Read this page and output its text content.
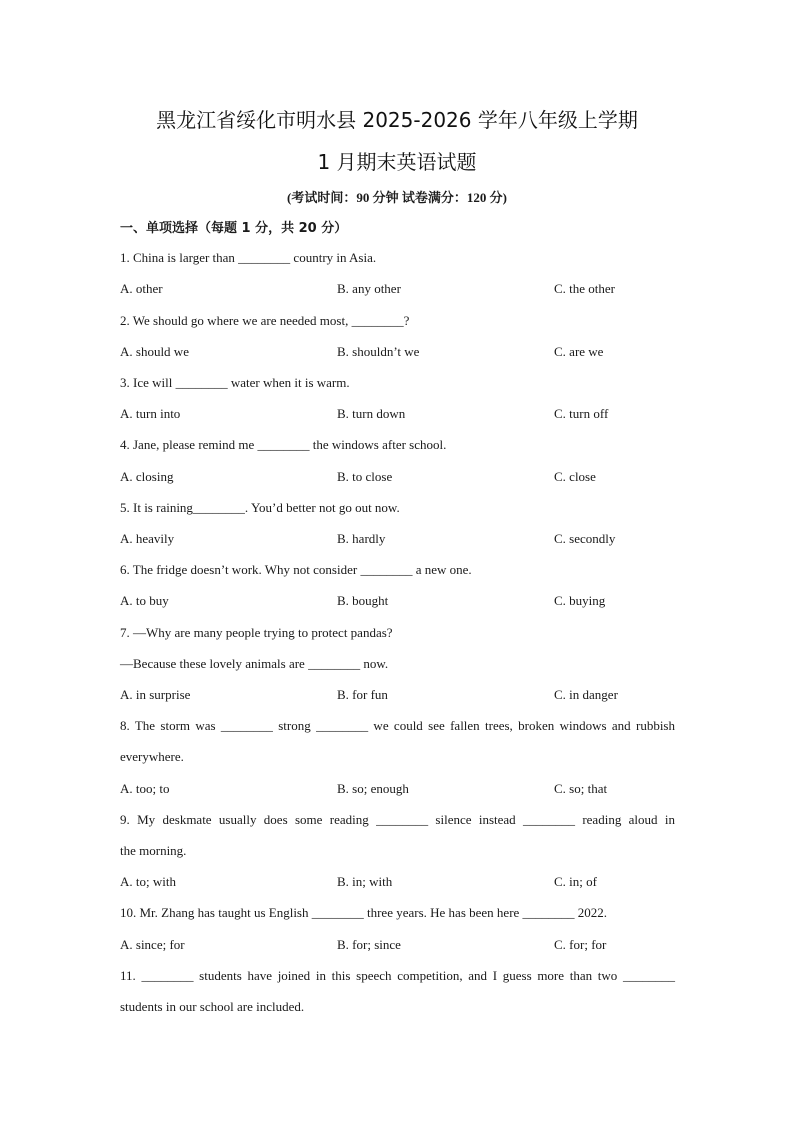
黑龙江省绥化市明水县 2025-2026 学年八年级上学期
1 月期末英语试题
(考试时间：90 分钟 试卷满分：120 分)
一、单项选择（每题 1 分，共 20 分）
1. China is larger than ________ country in Asia.
A. other	B. any other	C. the other
2. We should go where we are needed most, ________?
A. should we	B. shouldn’t we	C. are we
3. Ice will ________ water when it is warm.
A. turn into	B. turn down	C. turn off
4. Jane, please remind me ________ the windows after school.
A. closing	B. to close	C. close
5. It is raining________. You’d better not go out now.
A. heavily	B. hardly	C. secondly
6. The fridge doesn’t work. Why not consider ________ a new one.
A. to buy	B. bought	C. buying
7. —Why are many people trying to protect pandas?
—Because these lovely animals are ________ now.
A. in surprise	B. for fun	C. in danger
8. The storm was ________ strong ________ we could see fallen trees, broken windows and rubbish
everywhere.
A. too; to	B. so; enough	C. so; that
9. My deskmate usually does some reading ________ silence instead ________ reading aloud in
the morning.
A. to; with	B. in; with	C. in; of
10. Mr. Zhang has taught us English ________ three years. He has been here ________ 2022.
A. since; for	B. for; since	C. for; for
11. ________ students have joined in this speech competition, and I guess more than two ________
students in our school are included.
